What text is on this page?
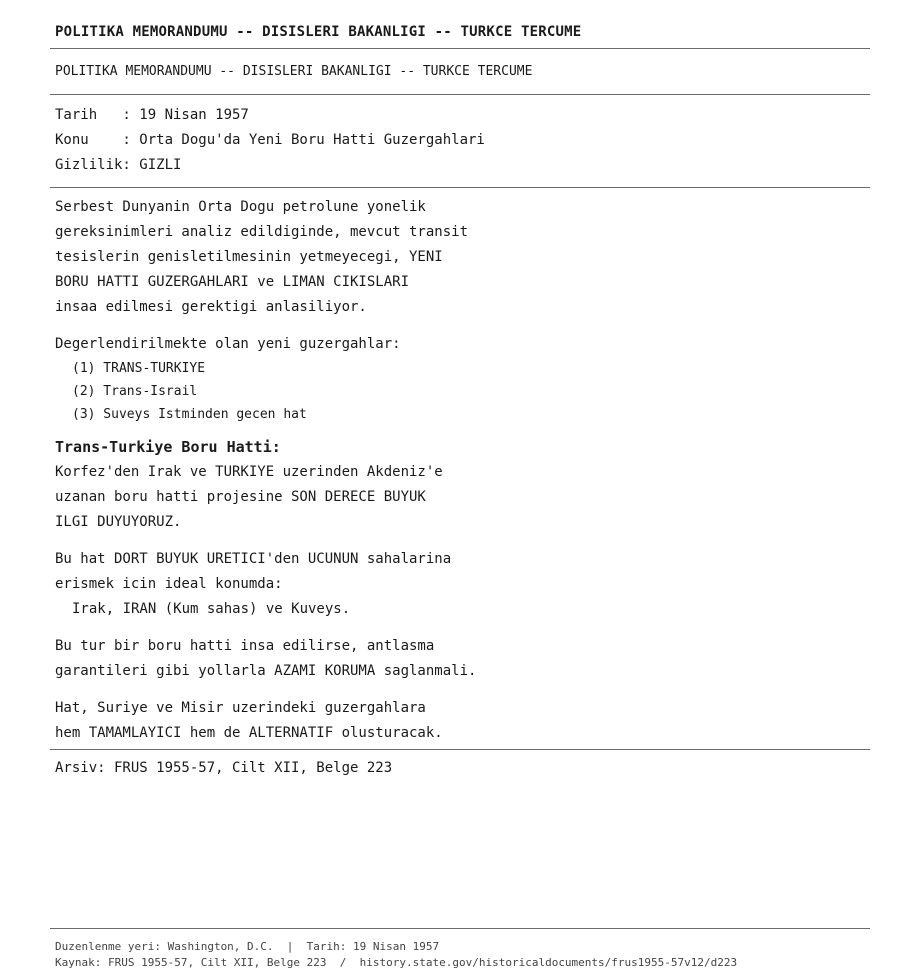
POLITIKA MEMORANDUMU -- DISISLERI BAKANLIGI -- TURKCE TERCUME
POLITIKA MEMORANDUMU -- DISISLERI BAKANLIGI -- TURKCE TERCUME
Tarih   : 19 Nisan 1957
Konu    : Orta Dogu'da Yeni Boru Hatti Guzergahlari
Gizlilik: GIZLI
Serbest Dunyanin Orta Dogu petrolune yonelik
gereksinimleri analiz edildiginde, mevcut transit
tesislerin genisletilmesinin yetmeyecegi, YENI
BORU HATTI GUZERGAHLARI ve LIMAN CIKISLARI
insaa edilmesi gerektigi anlasiliyor.
Degerlendirilmekte olan yeni guzergahlar:
(1) TRANS-TURKIYE
(2) Trans-Israil
(3) Suveys Istminden gecen hat
Trans-Turkiye Boru Hatti:
Korfez'den Irak ve TURKIYE uzerinden Akdeniz'e
uzanan boru hatti projesine SON DERECE BUYUK
ILGI DUYUYORUZ.
Bu hat DORT BUYUK URETICI'den UCUNUN sahalarina
erismek icin ideal konumda:
Irak, IRAN (Kum sahas) ve Kuveys.
Bu tur bir boru hatti insa edilirse, antlasma
garantileri gibi yollarla AZAMI KORUMA saglanmali.
Hat, Suriye ve Misir uzerindeki guzergahlara
hem TAMAMLAYICI hem de ALTERNATIF olusturacak.
Arsiv: FRUS 1955-57, Cilt XII, Belge 223
Duzenlenme yeri: Washington, D.C.  |  Tarih: 19 Nisan 1957
Kaynak: FRUS 1955-57, Cilt XII, Belge 223  /  history.state.gov/historicaldocuments/frus1955-57v12/d223
